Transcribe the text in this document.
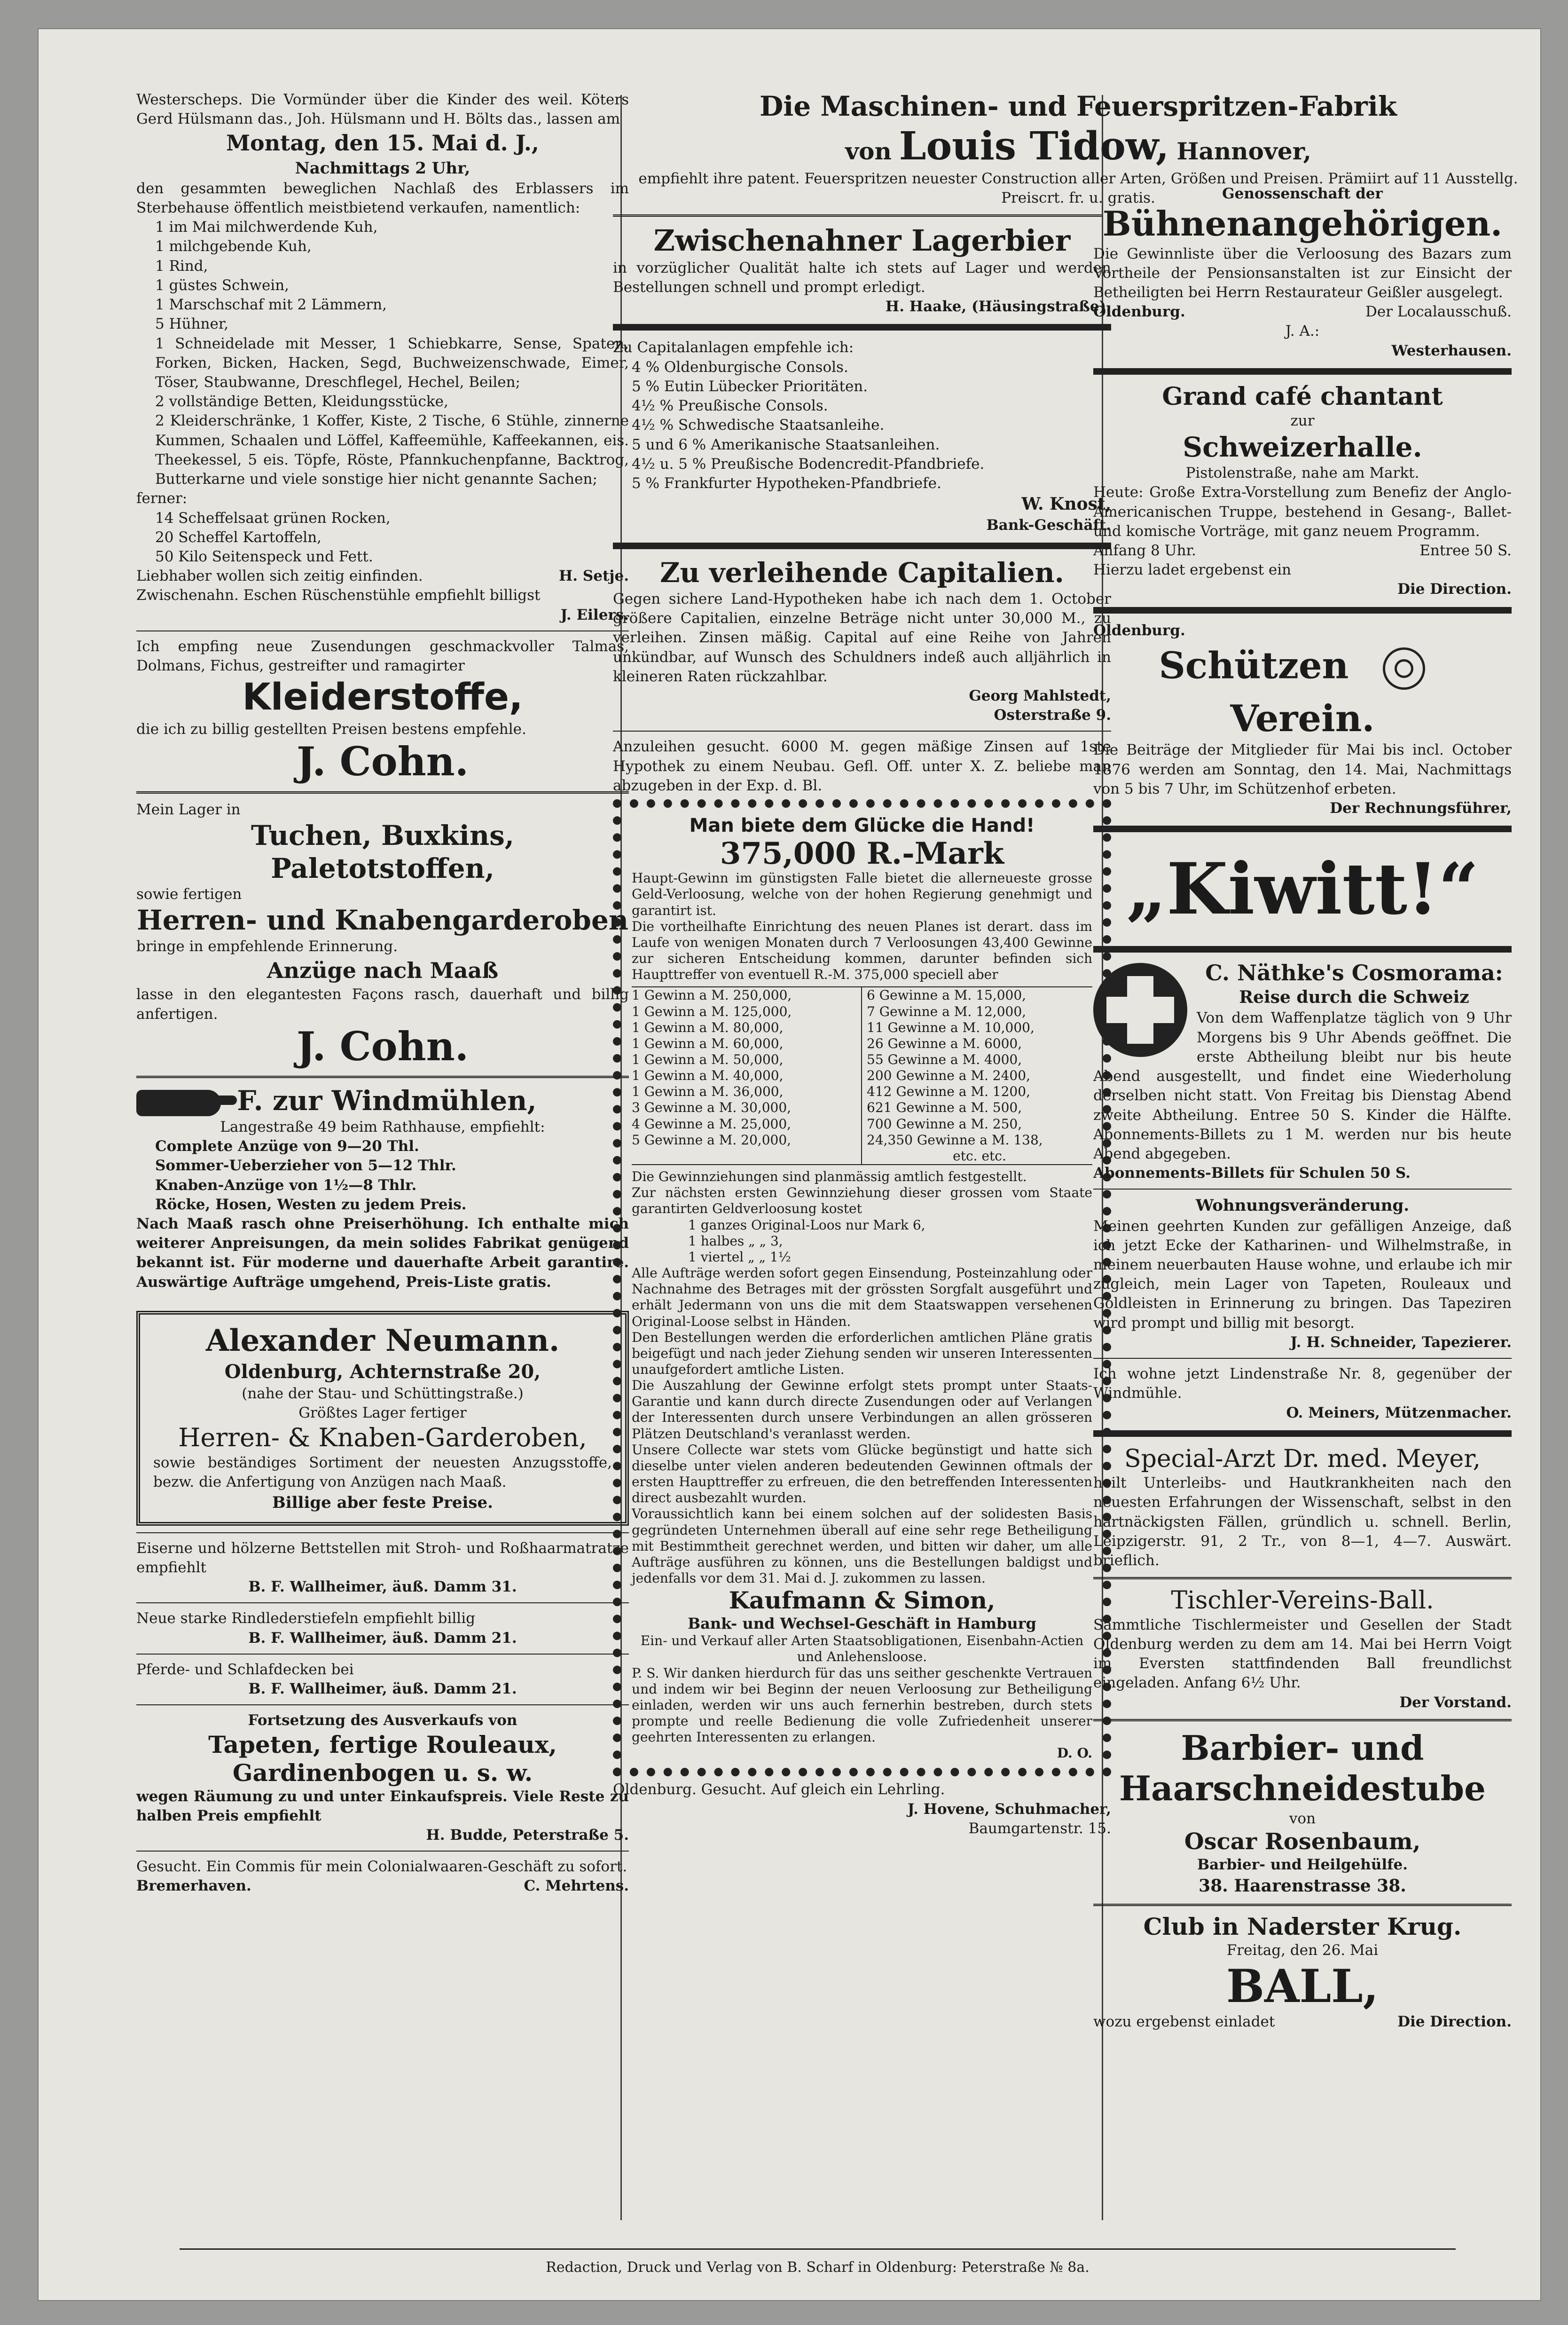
Westerscheps. Die Vormünder über die Kinder des weil. Köters Gerd Hülsmann das., Joh. Hülsmann und H. Bölts das., lassen am

Montag, den 15. Mai d. J.,

Nachmittags 2 Uhr,

den gesammten beweglichen Nachlaß des Erblassers im Sterbehause öffentlich meistbietend verkaufen, namentlich:

1 im Mai milchwerdende Kuh,

1 milchgebende Kuh,

1 Rind,

1 güstes Schwein,

1 Marschschaf mit 2 Lämmern,

5 Hühner,

1 Schneidelade mit Messer, 1 Schiebkarre, Sense, Spaten, Forken, Bicken, Hacken, Segd, Buchweizenschwade, Eimer, Töser, Staubwanne, Dreschflegel, Hechel, Beilen;

2 vollständige Betten, Kleidungsstücke,

2 Kleiderschränke, 1 Koffer, Kiste, 2 Tische, 6 Stühle, zinnerne Kummen, Schaalen und Löffel, Kaffeemühle, Kaffeekannen, eis. Theekessel, 5 eis. Töpfe, Röste, Pfannkuchenpfanne, Backtrog, Butterkarne und viele sonstige hier nicht genannte Sachen;

ferner:

14 Scheffelsaat grünen Rocken,

20 Scheffel Kartoffeln,

50 Kilo Seitenspeck und Fett.

Liebhaber wollen sich zeitig einfinden.	H. Setje.

Zwischenahn. Eschen Rüschenstühle empfiehlt billigst

J. Eilers.

Ich empfing neue Zusendungen geschmackvoller Talmas, Dolmans, Fichus, gestreifter und ramagirter

Kleiderstoffe,

die ich zu billig gestellten Preisen bestens empfehle.

J. Cohn.

Mein Lager in

Tuchen, Buxkins, Paletotstoffen,

sowie fertigen

Herren- und Knabengarderoben

bringe in empfehlende Erinnerung.

Anzüge nach Maaß

lasse in den elegantesten Façons rasch, dauerhaft und billig anfertigen.

J. Cohn.

F. zur Windmühlen,

Langestraße 49 beim Rathhause, empfiehlt:

Complete Anzüge von 9—20 Thl.

Sommer-Ueberzieher von 5—12 Thlr.

Knaben-Anzüge von 1½—8 Thlr.

Röcke, Hosen, Westen zu jedem Preis.

Nach Maaß rasch ohne Preiserhöhung. Ich enthalte mich weiterer Anpreisungen, da mein solides Fabrikat genügend bekannt ist. Für moderne und dauerhafte Arbeit garantire. Auswärtige Aufträge umgehend, Preis-Liste gratis.

Alexander Neumann.

Oldenburg, Achternstraße 20,

(nahe der Stau- und Schüttingstraße.)

Größtes Lager fertiger

Herren- & Knaben-Garderoben,

sowie beständiges Sortiment der neuesten Anzugsstoffe, bezw. die Anfertigung von Anzügen nach Maaß.

Billige aber feste Preise.

Eiserne und hölzerne Bettstellen mit Stroh- und Roßhaarmatratze empfiehlt

B. F. Wallheimer, äuß. Damm 31.

Neue starke Rindlederstiefeln empfiehlt billig

B. F. Wallheimer, äuß. Damm 21.

Pferde- und Schlafdecken bei

B. F. Wallheimer, äuß. Damm 21.

Fortsetzung des Ausverkaufs von

Tapeten, fertige Rouleaux,

Gardinenbogen u. s. w.

wegen Räumung zu und unter Einkaufspreis. Viele Reste zu halben Preis empfiehlt

H. Budde, Peterstraße 5.

Gesucht. Ein Commis für mein Colonialwaaren-Geschäft zu sofort.

Bremerhaven.	C. Mehrtens.

Die Maschinen- und Feuerspritzen-Fabrik

von Louis Tidow, Hannover,

empfiehlt ihre patent. Feuerspritzen neuester Construction aller Arten, Größen und Preisen. Prämiirt auf 11 Ausstellg. Preiscrt. fr. u. gratis.

Zwischenahner Lagerbier

in vorzüglicher Qualität halte ich stets auf Lager und werden Bestellungen schnell und prompt erledigt.

H. Haake, (Häusingstraße).

Zu Capitalanlagen empfehle ich:

4 % Oldenburgische Consols.

5 % Eutin Lübecker Prioritäten.

4½ % Preußische Consols.

4½ % Schwedische Staatsanleihe.

5 und 6 % Amerikanische Staatsanleihen.

4½ u. 5 % Preußische Bodencredit-Pfandbriefe.

5 % Frankfurter Hypotheken-Pfandbriefe.

W. Knost,

Bank-Geschäft.

Zu verleihende Capitalien.

Gegen sichere Land-Hypotheken habe ich nach dem 1. October größere Capitalien, einzelne Beträge nicht unter 30,000 M., zu verleihen. Zinsen mäßig. Capital auf eine Reihe von Jahren unkündbar, auf Wunsch des Schuldners indeß auch alljährlich in kleineren Raten rückzahlbar.

Georg Mahlstedt,

Osterstraße 9.

Anzuleihen gesucht. 6000 M. gegen mäßige Zinsen auf 1ste Hypothek zu einem Neubau. Gefl. Off. unter X. Z. beliebe man abzugeben in der Exp. d. Bl.

Man biete dem Glücke die Hand!

375,000 R.-Mark

Haupt-Gewinn im günstigsten Falle bietet die allerneueste grosse Geld-Verloosung, welche von der hohen Regierung genehmigt und garantirt ist.

Die vortheilhafte Einrichtung des neuen Planes ist derart. dass im Laufe von wenigen Monaten durch 7 Verloosungen 43,400 Gewinne zur sicheren Entscheidung kommen, darunter befinden sich Haupttreffer von eventuell R.-M. 375,000 speciell aber

1 Gewinn a M. 250,000,

1 Gewinn a M. 125,000,

1 Gewinn a M. 80,000,

1 Gewinn a M. 60,000,

1 Gewinn a M. 50,000,

1 Gewinn a M. 40,000,

1 Gewinn a M. 36,000,

3 Gewinne a M. 30,000,

4 Gewinne a M. 25,000,

5 Gewinne a M. 20,000,

6 Gewinne a M. 15,000,

7 Gewinne a M. 12,000,

11 Gewinne a M. 10,000,

26 Gewinne a M. 6000,

55 Gewinne a M. 4000,

200 Gewinne a M. 2400,

412 Gewinne a M. 1200,

621 Gewinne a M. 500,

700 Gewinne a M. 250,

24,350 Gewinne a M. 138,

etc. etc.

Die Gewinnziehungen sind planmässig amtlich festgestellt.

Zur nächsten ersten Gewinnziehung dieser grossen vom Staate garantirten Geldverloosung kostet

1 ganzes Original-Loos nur Mark 6,

1 halbes „ „ 3,

1 viertel „ „ 1½

Alle Aufträge werden sofort gegen Einsendung, Posteinzahlung oder Nachnahme des Betrages mit der grössten Sorgfalt ausgeführt und erhält Jedermann von uns die mit dem Staatswappen versehenen Original-Loose selbst in Händen.

Den Bestellungen werden die erforderlichen amtlichen Pläne gratis beigefügt und nach jeder Ziehung senden wir unseren Interessenten unaufgefordert amtliche Listen.

Die Auszahlung der Gewinne erfolgt stets prompt unter Staats-Garantie und kann durch directe Zusendungen oder auf Verlangen der Interessenten durch unsere Verbindungen an allen grösseren Plätzen Deutschland's veranlasst werden.

Unsere Collecte war stets vom Glücke begünstigt und hatte sich dieselbe unter vielen anderen bedeutenden Gewinnen oftmals der ersten Haupttreffer zu erfreuen, die den betreffenden Interessenten direct ausbezahlt wurden.

Voraussichtlich kann bei einem solchen auf der solidesten Basis gegründeten Unternehmen überall auf eine sehr rege Betheiligung mit Bestimmtheit gerechnet werden, und bitten wir daher, um alle Aufträge ausführen zu können, uns die Bestellungen baldigst und jedenfalls vor dem 31. Mai d. J. zukommen zu lassen.

Kaufmann & Simon,

Bank- und Wechsel-Geschäft in Hamburg

Ein- und Verkauf aller Arten Staatsobligationen, Eisenbahn-Actien und Anlehensloose.

P. S. Wir danken hierdurch für das uns seither geschenkte Vertrauen und indem wir bei Beginn der neuen Verloosung zur Betheiligung einladen, werden wir uns auch fernerhin bestreben, durch stets prompte und reelle Bedienung die volle Zufriedenheit unserer geehrten Interessenten zu erlangen.

D. O.

Oldenburg. Gesucht. Auf gleich ein Lehrling.

J. Hovene, Schuhmacher,

Baumgartenstr. 15.

Genossenschaft der

Bühnenangehörigen.

Die Gewinnliste über die Verloosung des Bazars zum Vortheile der Pensionsanstalten ist zur Einsicht der Betheiligten bei Herrn Restaurateur Geißler ausgelegt.

Oldenburg.	Der Localausschuß.

J. A.:

Westerhausen.

Grand café chantant

zur

Schweizerhalle.

Pistolenstraße, nahe am Markt.

Heute: Große Extra-Vorstellung zum Benefiz der Anglo-Americanischen Truppe, bestehend in Gesang-, Ballet- und komische Vorträge, mit ganz neuem Programm.

Anfang 8 Uhr.	Entree 50 S.

Hierzu ladet ergebenst ein

Die Direction.

Oldenburg.

Schützen
Verein.

Die Beiträge der Mitglieder für Mai bis incl. October 1876 werden am Sonntag, den 14. Mai, Nachmittags von 5 bis 7 Uhr, im Schützenhof erbeten.

Der Rechnungsführer,

„Kiwitt!“

C. Näthke's Cosmorama:

Reise durch die Schweiz

Von dem Waffenplatze täglich von 9 Uhr Morgens bis 9 Uhr Abends geöffnet. Die erste Abtheilung bleibt nur bis heute Abend ausgestellt, und findet eine Wiederholung derselben nicht statt. Von Freitag bis Dienstag Abend zweite Abtheilung. Entree 50 S. Kinder die Hälfte. Abonnements-Billets zu 1 M. werden nur bis heute Abend abgegeben.

Abonnements-Billets für Schulen 50 S.

Wohnungsveränderung.

Meinen geehrten Kunden zur gefälligen Anzeige, daß ich jetzt Ecke der Katharinen- und Wilhelmstraße, in meinem neuerbauten Hause wohne, und erlaube ich mir zugleich, mein Lager von Tapeten, Rouleaux und Goldleisten in Erinnerung zu bringen. Das Tapeziren wird prompt und billig mit besorgt.

J. H. Schneider, Tapezierer.

Ich wohne jetzt Lindenstraße Nr. 8, gegenüber der Windmühle.

O. Meiners, Mützenmacher.

Special-Arzt Dr. med. Meyer,

heilt Unterleibs- und Hautkrankheiten nach den neuesten Erfahrungen der Wissenschaft, selbst in den hartnäckigsten Fällen, gründlich u. schnell. Berlin, Leipzigerstr. 91, 2 Tr., von 8—1, 4—7. Auswärt. brieflich.

Tischler-Vereins-Ball.

Sämmtliche Tischlermeister und Gesellen der Stadt Oldenburg werden zu dem am 14. Mai bei Herrn Voigt im Eversten stattfindenden Ball freundlichst eingeladen. Anfang 6½ Uhr.

Der Vorstand.

Barbier- und

Haarschneidestube

von

Oscar Rosenbaum,

Barbier- und Heilgehülfe.

38. Haarenstrasse 38.

Club in Naderster Krug.

Freitag, den 26. Mai

BALL,

wozu ergebenst einladet	Die Direction.
Redaction, Druck und Verlag von B. Scharf in Oldenburg: Peterstraße № 8a.
